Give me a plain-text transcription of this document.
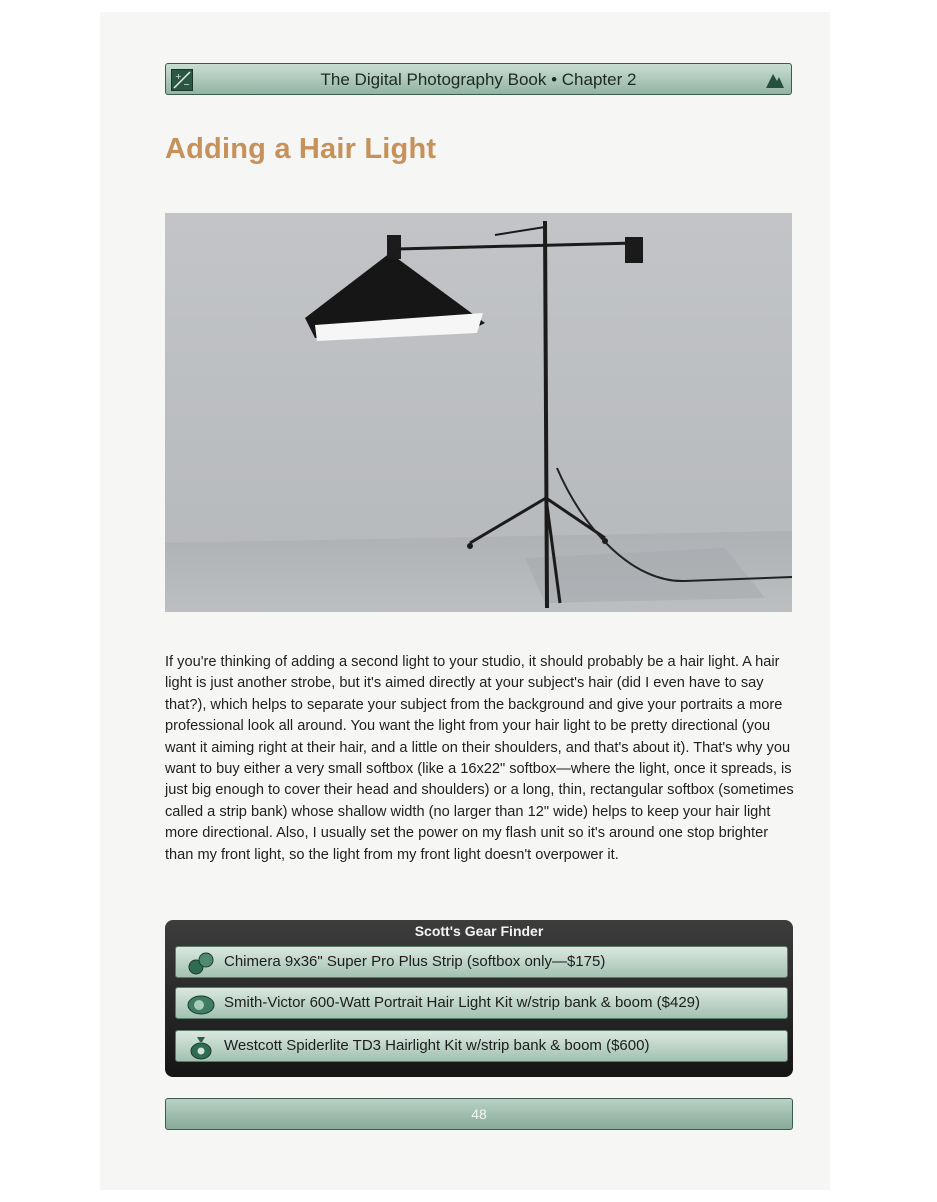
+
−	The Digital Photography Book • Chapter 2
Adding a Hair Light

If you're thinking of adding a second light to your studio, it should probably be a hair light. A hair light is just another strobe, but it's aimed directly at your subject's hair (did I even have to say that?), which helps to separate your subject from the background and give your portraits a more professional look all around. You want the light from your hair light to be pretty directional (you want it aiming right at their hair, and a little on their shoulders, and that's about it). That's why you want to buy either a very small softbox (like a 16x22" softbox—where the light, once it spreads, is just big enough to cover their head and shoulders) or a long, thin, rectangular softbox (sometimes called a strip bank) whose shallow width (no larger than 12" wide) helps to keep your hair light more directional. Also, I usually set the power on my flash unit so it's around one stop brighter than my front light, so the light from my front light doesn't overpower it.

Scott's Gear Finder
Chimera 9x36" Super Pro Plus Strip (softbox only—$175)
Smith-Victor 600-Watt Portrait Hair Light Kit w/strip bank & boom ($429)
Westcott Spiderlite TD3 Hairlight Kit w/strip bank & boom ($600)
48
